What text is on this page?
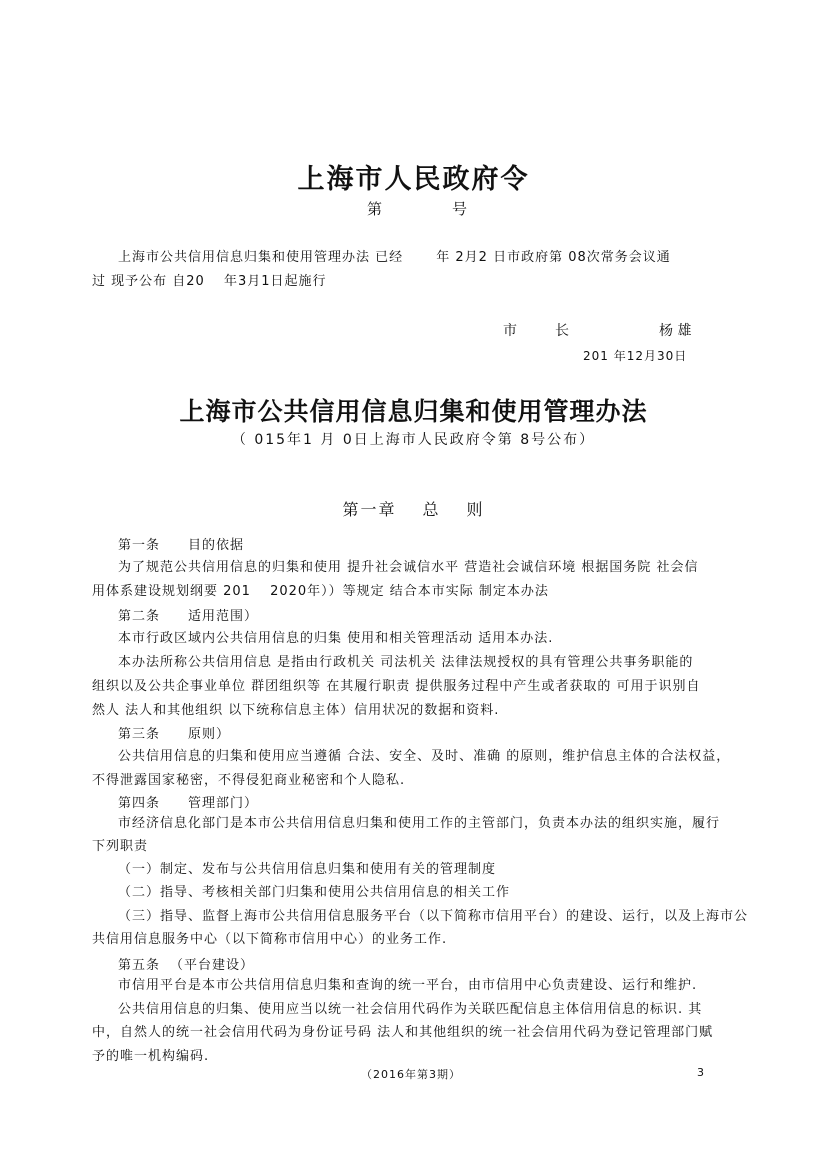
上海市人民政府令
第	号
上海市公共信用信息归集和使用管理办法 已经 　　年 2月2 日市政府第 08次常务会议通
过 现予公布 自20 　年3月1日起施行
市	长	杨 雄
201 年12月30日
上海市公共信用信息归集和使用管理办法
（ 015年1 月 0日上海市人民政府令第 8号公布）
第一章 总 则
第一条 目的依据
为了规范公共信用信息的归集和使用 提升社会诚信水平 营造社会诚信环境 根据国务院 社会信
用体系建设规划纲要 201 　2020年））等规定 结合本市实际 制定本办法
第二条 适用范围）
本市行政区域内公共信用信息的归集 使用和相关管理活动 适用本办法.
本办法所称公共信用信息 是指由行政机关 司法机关 法律法规授权的具有管理公共事务职能的
组织以及公共企事业单位 群团组织等 在其履行职责 提供服务过程中产生或者获取的 可用于识别自
然人 法人和其他组织 以下统称信息主体）信用状况的数据和资料.
第三条 原则）
公共信用信息的归集和使用应当遵循 合法、安全、及时、准确 的原则，维护信息主体的合法权益，
不得泄露国家秘密，不得侵犯商业秘密和个人隐私.
第四条 管理部门）
市经济信息化部门是本市公共信用信息归集和使用工作的主管部门，负责本办法的组织实施，履行
下列职责
（一）制定、发布与公共信用信息归集和使用有关的管理制度
（二）指导、考核相关部门归集和使用公共信用信息的相关工作
（三）指导、监督上海市公共信用信息服务平台（以下简称市信用平台）的建设、运行，以及上海市公
共信用信息服务中心（以下简称市信用中心）的业务工作.
第五条 （平台建设）
市信用平台是本市公共信用信息归集和查询的统一平台，由市信用中心负责建设、运行和维护.
公共信用信息的归集、使用应当以统一社会信用代码作为关联匹配信息主体信用信息的标识. 其
中，自然人的统一社会信用代码为身份证号码 法人和其他组织的统一社会信用代码为登记管理部门赋
予的唯一机构编码.
（2016年第3期）	3
